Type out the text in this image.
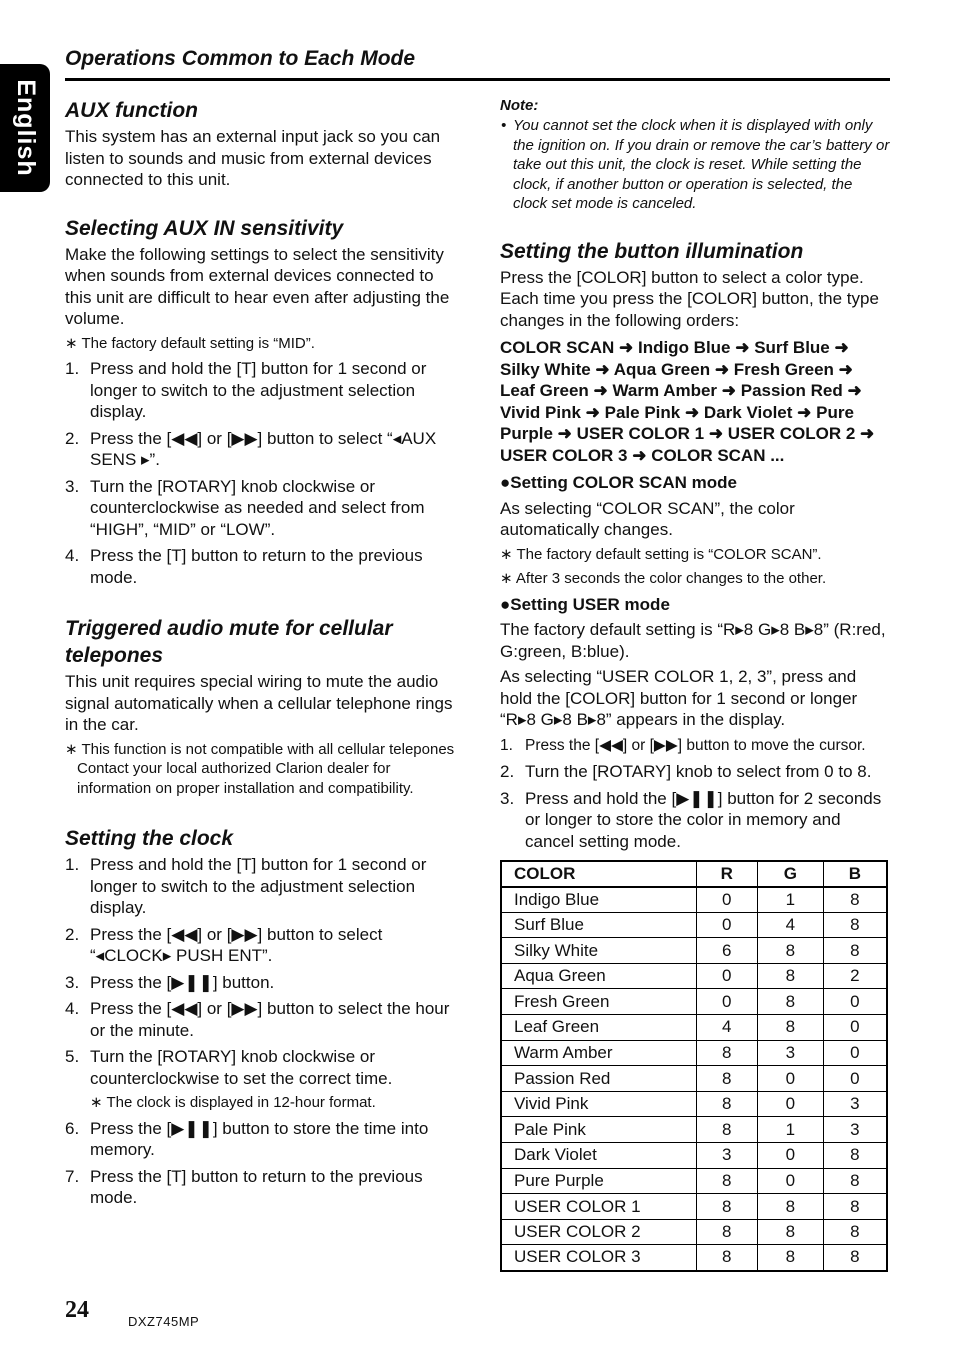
English
Operations Common to Each Mode
AUX function

This system has an external input jack so you can listen to sounds and music from external devices connected to this unit.

Selecting AUX IN sensitivity

Make the following settings to select the sensitivity when sounds from external devices connected to this unit are difficult to hear even after adjusting the volume.

∗ The factory default setting is “MID”.
1. Press and hold the [T] button for 1 second or longer to switch to the adjustment selection display.
2. Press the [◀◀] or [▶▶] button to select “◂AUX SENS ▸”.
3. Turn the [ROTARY] knob clockwise or counterclockwise as needed and select from “HIGH”, “MID” or “LOW”.
4. Press the [T] button to return to the previous mode.
Triggered audio mute for cellular telepones

This unit requires special wiring to mute the audio signal automatically when a cellular telephone rings in the car.

∗ This function is not compatible with all cellular telepones Contact your local authorized Clarion dealer for information on proper installation and compatibility.
Setting the clock
1. Press and hold the [T] button for 1 second or longer to switch to the adjustment selection display.
2. Press the [◀◀] or [▶▶] button to select “◂CLOCK▸ PUSH ENT”.
3. Press the [▶❚❚] button.
4. Press the [◀◀] or [▶▶] button to select the hour or the minute.
5. Turn the [ROTARY] knob clockwise or counterclockwise to set the correct time.
∗ The clock is displayed in 12-hour format.
6. Press the [▶❚❚] button to store the time into memory.
7. Press the [T] button to return to the previous mode.
Note:
• You cannot set the clock when it is displayed with only the ignition on. If you drain or remove the car’s battery or take out this unit, the clock is reset. While setting the clock, if another button or operation is selected, the clock set mode is canceled.
Setting the button illumination

Press the [COLOR] button to select a color type. Each time you press the [COLOR] button, the type changes in the following orders:

COLOR SCAN ➜ Indigo Blue ➜ Surf Blue ➜ Silky White ➜ Aqua Green ➜ Fresh Green ➜ Leaf Green ➜ Warm Amber ➜ Passion Red ➜ Vivid Pink ➜ Pale Pink ➜ Dark Violet ➜ Pure Purple ➜ USER COLOR 1 ➜ USER COLOR 2 ➜ USER COLOR 3 ➜ COLOR SCAN ...

●Setting COLOR SCAN mode

As selecting “COLOR SCAN”, the color automatically changes.

∗ The factory default setting is “COLOR SCAN”.
∗ After 3 seconds the color changes to the other.
●Setting USER mode

The factory default setting is “R▸8 G▸8 B▸8” (R:red, G:green, B:blue).

As selecting “USER COLOR 1, 2, 3”, press and hold the [COLOR] button for 1 second or longer “R▸8 G▸8 B▸8” appears in the display.

1. Press the [◀◀] or [▶▶] button to move the cursor.
2. Turn the [ROTARY] knob to select from 0 to 8.
3. Press and hold the [▶❚❚] button for 2 seconds or longer to store the color in memory and cancel setting mode.
COLOR	R	G	B
Indigo Blue	0	1	8
Surf Blue	0	4	8
Silky White	6	8	8
Aqua Green	0	8	2
Fresh Green	0	8	0
Leaf Green	4	8	0
Warm Amber	8	3	0
Passion Red	8	0	0
Vivid Pink	8	0	3
Pale Pink	8	1	3
Dark Violet	3	0	8
Pure Purple	8	0	8
USER COLOR 1	8	8	8
USER COLOR 2	8	8	8
USER COLOR 3	8	8	8
24	DXZ745MP
